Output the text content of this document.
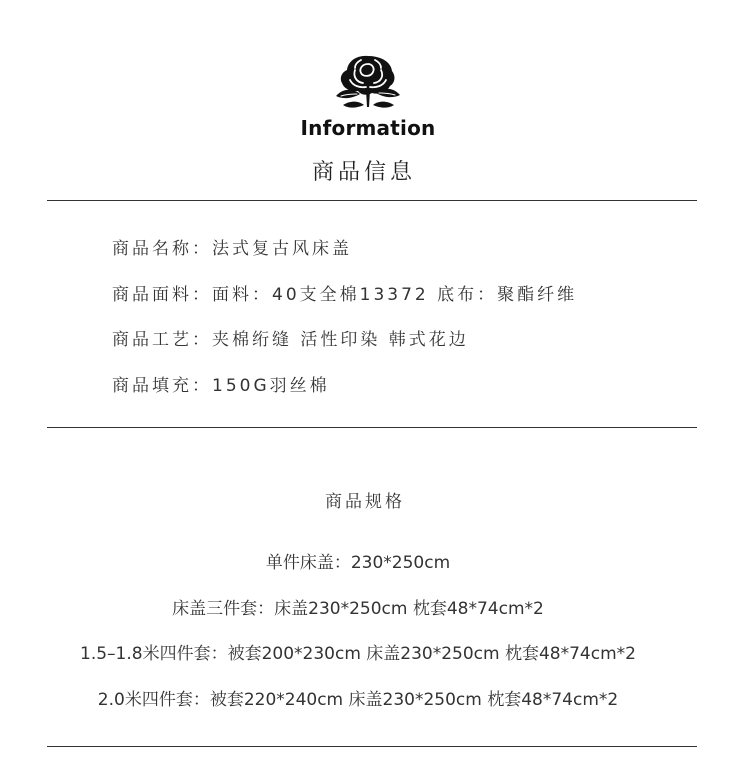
Information
商品信息
商品名称：法式复古风床盖
商品面料：面料：40支全棉13372 底布：聚酯纤维
商品工艺：夹棉绗缝 活性印染 韩式花边
商品填充：150G羽丝棉
商品规格
单件床盖：230*250cm
床盖三件套：床盖230*250cm 枕套48*74cm*2
1.5–1.8米四件套：被套200*230cm 床盖230*250cm 枕套48*74cm*2
2.0米四件套：被套220*240cm 床盖230*250cm 枕套48*74cm*2
